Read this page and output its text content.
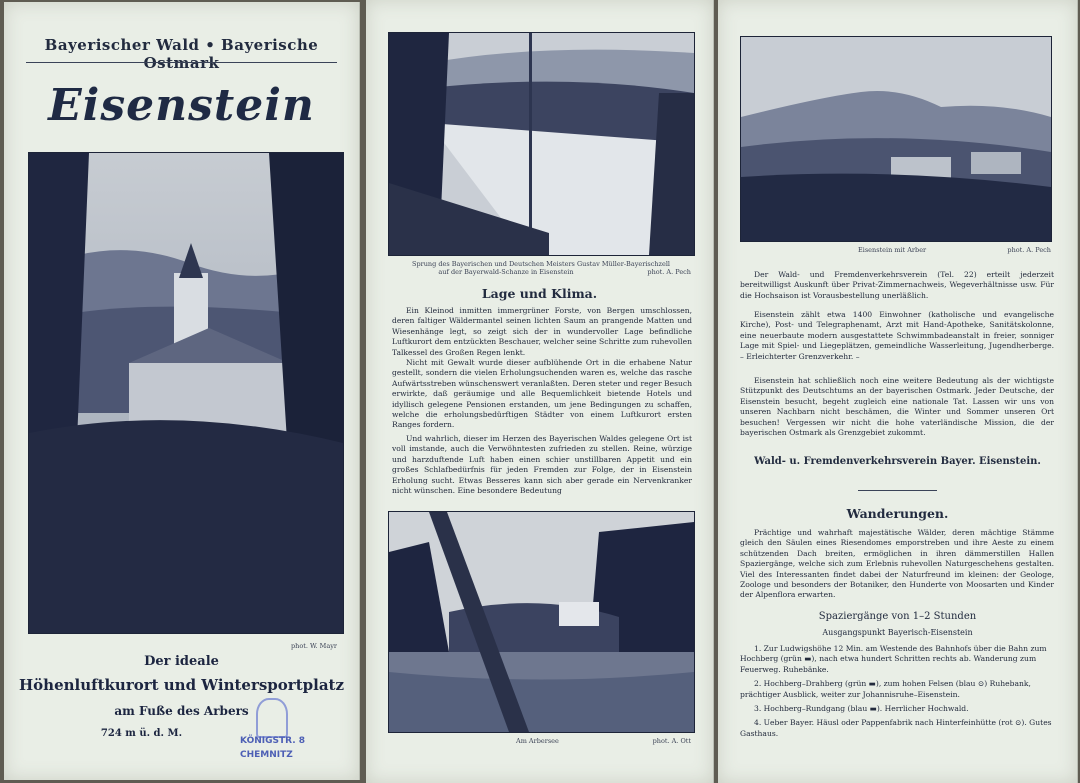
Bayerischer Wald • Bayerische Ostmark
Eisenstein
phot. W. Mayr
Der ideale
Höhenluftkurort und Wintersportplatz
am Fuße des Arbers
724 m ü. d. M.
KÖNIGSTR. 8
CHEMNITZ
Sprung des Bayerischen und Deutschen Meisters Gustav Müller-Bayerischzell
auf der Bayerwald-Schanze in Eisenstein	phot. A. Pech
Lage und Klima.
Ein Kleinod inmitten immergrüner Forste, von Bergen umschlossen, deren faltiger Wäldermantel seinen lichten Saum an prangende Matten und Wiesenhänge legt, so zeigt sich der in wundervoller Lage befindliche Luftkurort dem entzückten Beschauer, welcher seine Schritte zum ruhevollen Talkessel des Großen Regen lenkt.
Nicht mit Gewalt wurde dieser aufblühende Ort in die erhabene Natur gestellt, sondern die vielen Erholungsuchenden waren es, welche das rasche Aufwärtsstreben wünschenswert veranlaßten. Deren steter und reger Besuch erwirkte, daß geräumige und alle Bequemlichkeit bietende Hotels und idyllisch gelegene Pensionen erstanden, um jene Bedingungen zu schaffen, welche die erholungsbedürftigen Städter von einem Luftkurort ersten Ranges fordern.
Und wahrlich, dieser im Herzen des Bayerischen Waldes gelegene Ort ist voll imstande, auch die Verwöhntesten zufrieden zu stellen. Reine, würzige und harzduftende Luft haben einen schier unstillbaren Appetit und ein großes Schlafbedürfnis für jeden Fremden zur Folge, der in Eisenstein Erholung sucht. Etwas Besseres kann sich aber gerade ein Nervenkranker nicht wünschen. Eine besondere Bedeutung
Am Arbersee	phot. A. Ott
Eisenstein mit Arber	phot. A. Pech
Der Wald- und Fremdenverkehrsverein (Tel. 22) erteilt jederzeit bereitwilligst Auskunft über Privat-Zimmernachweis, Wegeverhältnisse usw. Für die Hochsaison ist Vorausbestellung unerläßlich.
Eisenstein zählt etwa 1400 Einwohner (katholische und evangelische Kirche), Post- und Telegraphenamt, Arzt mit Hand-Apotheke, Sanitätskolonne, eine neuerbaute modern ausgestattete Schwimmbadeanstalt in freier, sonniger Lage mit Spiel- und Liegeplätzen, gemeindliche Wasserleitung, Jugendherberge. – Erleichterter Grenzverkehr. –
Eisenstein hat schließlich noch eine weitere Bedeutung als der wichtigste Stützpunkt des Deutschtums an der bayerischen Ostmark. Jeder Deutsche, der Eisenstein besucht, begeht zugleich eine nationale Tat. Lassen wir uns von unseren Nachbarn nicht beschämen, die Winter und Sommer unseren Ort besuchen! Vergessen wir nicht die hohe vaterländische Mission, die der bayerischen Ostmark als Grenzgebiet zukommt.
Wald- u. Fremdenverkehrsverein Bayer. Eisenstein.
Wanderungen.
Prächtige und wahrhaft majestätische Wälder, deren mächtige Stämme gleich den Säulen eines Riesendomes emporstreben und ihre Aeste zu einem schützenden Dach breiten, ermöglichen in ihren dämmerstillen Hallen Spaziergänge, welche sich zum Erlebnis ruhevollen Naturgeschehens gestalten. Viel des Interessanten findet dabei der Naturfreund im kleinen: der Geologe, Zoologe und besonders der Botaniker, den Hunderte von Moosarten und Kinder der Alpenflora erwarten.
Spaziergänge von 1–2 Stunden
Ausgangspunkt Bayerisch-Eisenstein
1. Zur Ludwigshöhe 12 Min. am Westende des Bahnhofs über die Bahn zum Hochberg (grün ▬), nach etwa hundert Schritten rechts ab. Wanderung zum Feuerweg. Ruhebänke.
2. Hochberg–Drahberg (grün ▬), zum hohen Felsen (blau ⊙) Ruhebank, prächtiger Ausblick, weiter zur Johannisruhe–Eisenstein.
3. Hochberg–Rundgang (blau ▬). Herrlicher Hochwald.
4. Ueber Bayer. Häusl oder Pappenfabrik nach Hinterfeinhütte (rot ⊙). Gutes Gasthaus.
